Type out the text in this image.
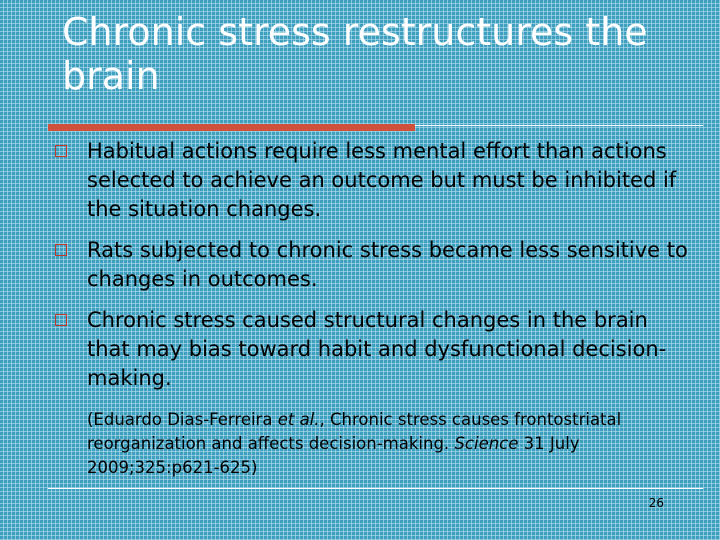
Chronic stress restructures the brain
Habitual actions require less mental effort than actions selected to achieve an outcome but must be inhibited if the situation changes.
Rats subjected to chronic stress became less sensitive to changes in outcomes.
Chronic stress caused structural changes in the brain that may bias toward habit and dysfunctional decision-making.
(Eduardo Dias-Ferreira et al., Chronic stress causes frontostriatal reorganization and affects decision-making. Science 31 July 2009;325:p621-625)
26
